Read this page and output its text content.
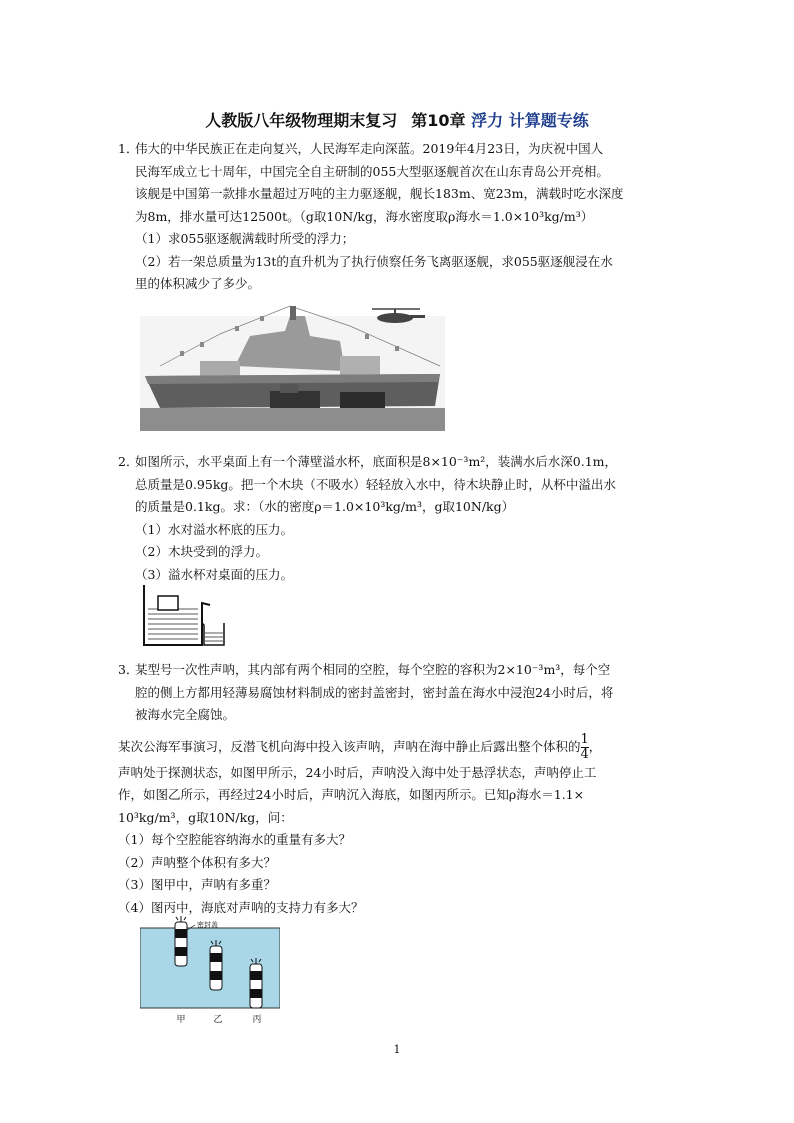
人教版八年级物理期末复习 第10章 浮力 计算题专练

1．伟大的中华民族正在走向复兴，人民海军走向深蓝。2019年4月23日，为庆祝中国人

民海军成立七十周年，中国完全自主研制的055大型驱逐舰首次在山东青岛公开亮相。

该舰是中国第一款排水量超过万吨的主力驱逐舰，舰长183m、宽23m，满载时吃水深度

为8m，排水量可达12500t。（g取10N/kg，海水密度取ρ海水＝1.0×10³kg/m³）

（1）求055驱逐舰满载时所受的浮力；

（2）若一架总质量为13t的直升机为了执行侦察任务飞离驱逐舰，求055驱逐舰浸在水

里的体积减少了多少。

2．如图所示，水平桌面上有一个薄壁溢水杯，底面积是8×10⁻³m²，装满水后水深0.1m，

总质量是0.95kg。把一个木块（不吸水）轻轻放入水中，待木块静止时，从杯中溢出水

的质量是0.1kg。求：（水的密度ρ＝1.0×10³kg/m³，g取10N/kg）

（1）水对溢水杯底的压力。

（2）木块受到的浮力。

（3）溢水杯对桌面的压力。

3．某型号一次性声呐，其内部有两个相同的空腔，每个空腔的容积为2×10⁻³m³，每个空

腔的侧上方都用轻薄易腐蚀材料制成的密封盖密封，密封盖在海水中浸泡24小时后，将

被海水完全腐蚀。

某次公海军事演习，反潜飞机向海中投入该声呐，声呐在海中静止后露出整个体积的 $\frac{1}{4}$ ，

声呐处于探测状态，如图甲所示，24小时后，声呐没入海中处于悬浮状态，声呐停止工

作，如图乙所示，再经过24小时后，声呐沉入海底，如图丙所示。已知ρ海水＝1.1×

10³kg/m³，g取10N/kg，问：

（1）每个空腔能容纳海水的重量有多大？

（2）声呐整个体积有多大？

（3）图甲中，声呐有多重？

（4）图丙中，海底对声呐的支持力有多大？

密封盖
甲	乙	丙
1
